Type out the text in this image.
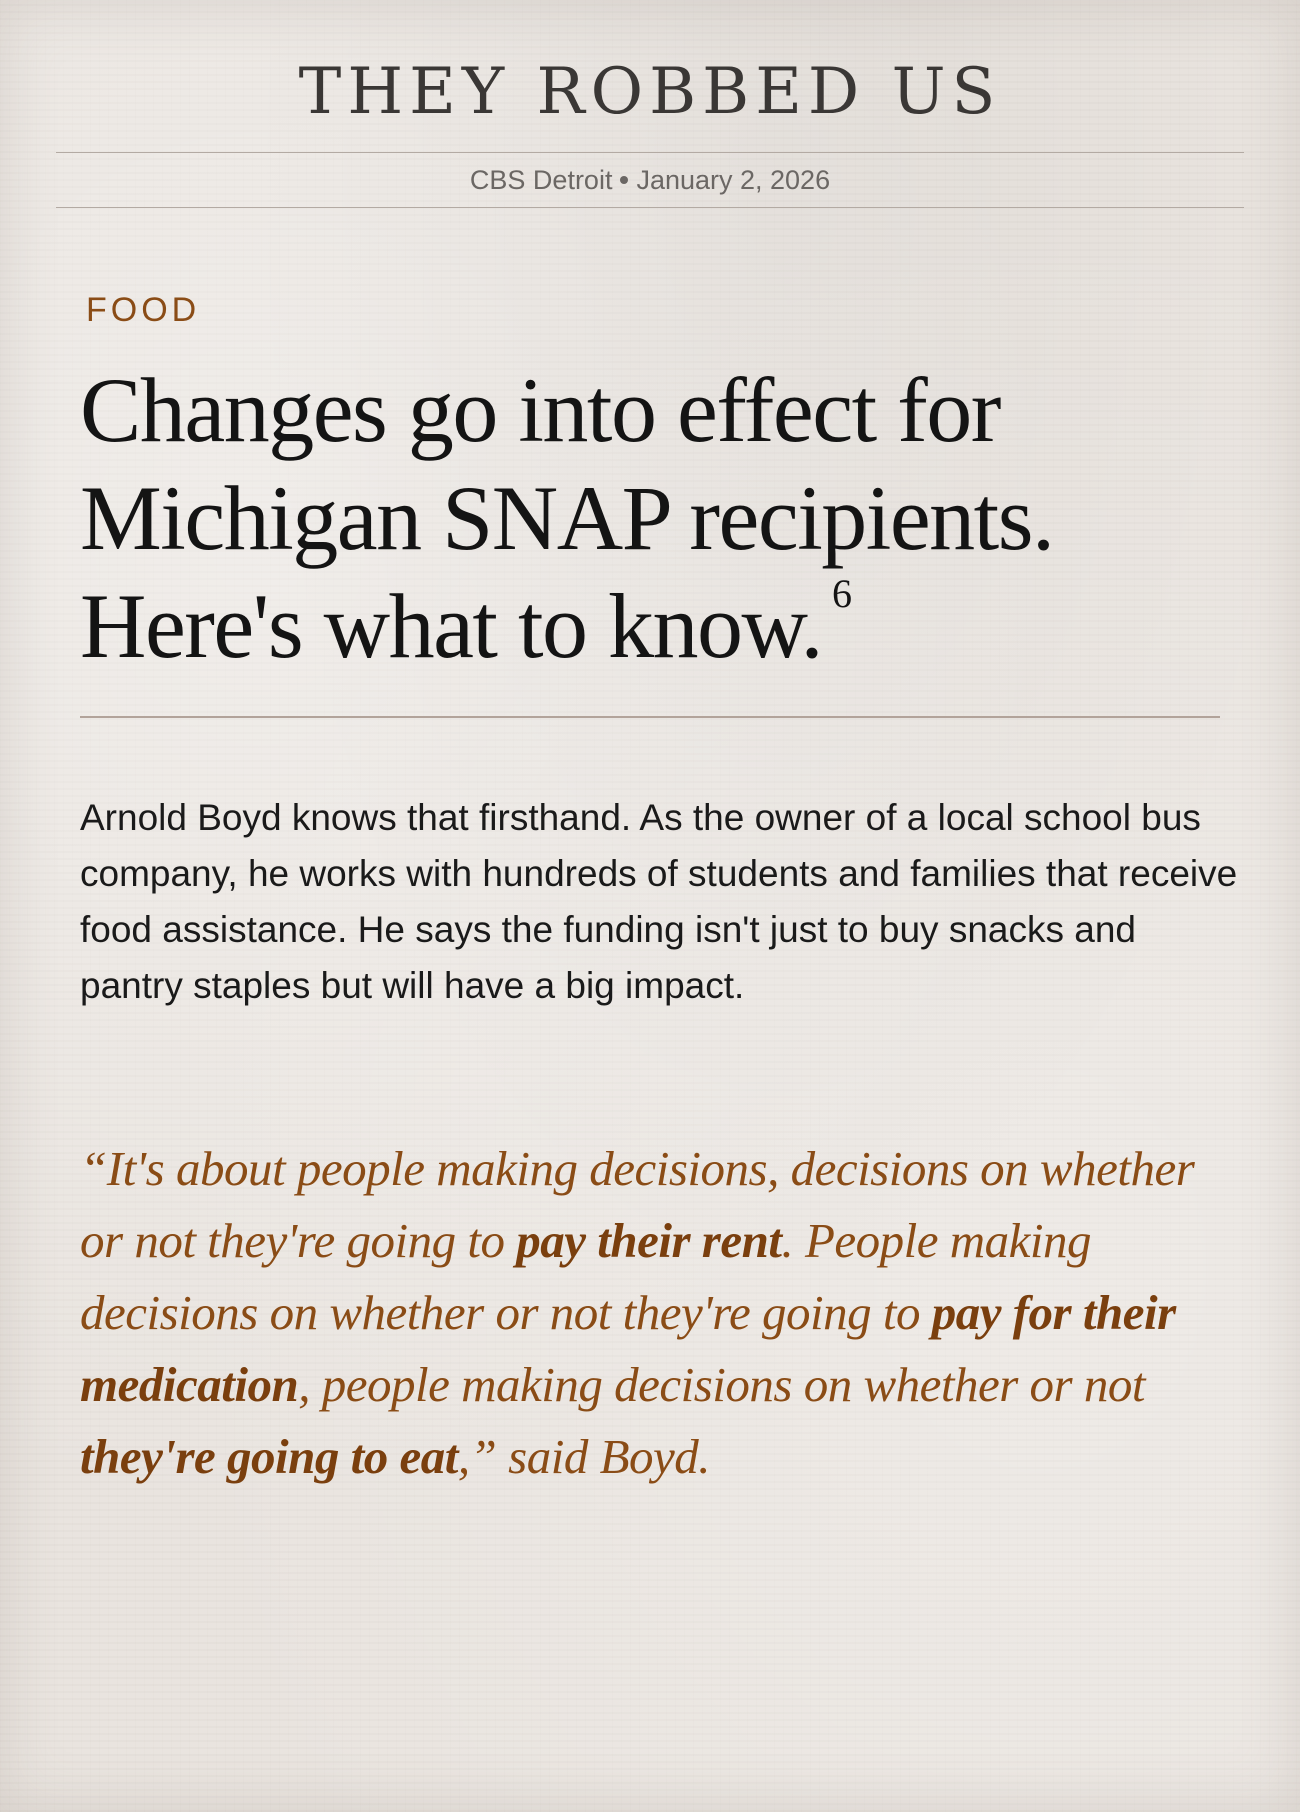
THEY ROBBED US
CBS Detroit January 2, 2026
FOOD
Changes go into effect for Michigan SNAP recipients. Here's what to know. $^6$

Arnold Boyd knows that firsthand. As the owner of a local school bus company, he works with hundreds of students and families that receive food assistance. He says the funding isn't just to buy snacks and pantry staples but will have a big impact.

“It's about people making decisions, decisions on whether or not they're going to pay their rent. People making decisions on whether or not they're going to pay for their medication, people making decisions on whether or not they're going to eat,” said Boyd.
